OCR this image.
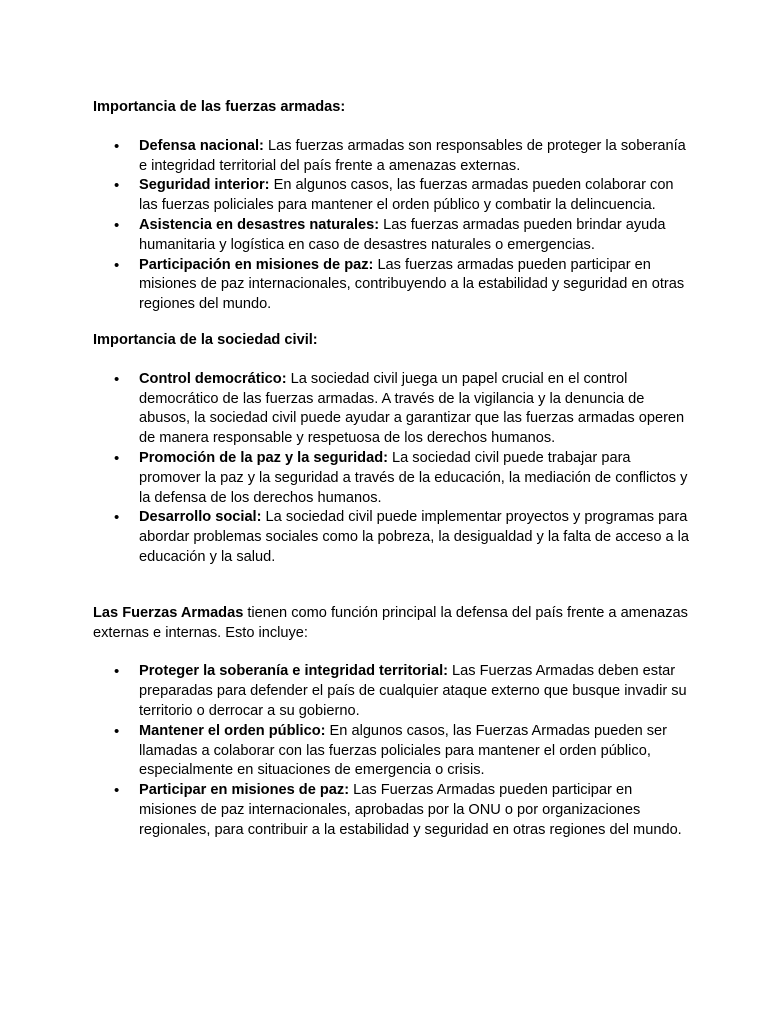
Importancia de las fuerzas armadas:

• Defensa nacional: Las fuerzas armadas son responsables de proteger la soberanía e integridad territorial del país frente a amenazas externas.
• Seguridad interior: En algunos casos, las fuerzas armadas pueden colaborar con las fuerzas policiales para mantener el orden público y combatir la delincuencia.
• Asistencia en desastres naturales: Las fuerzas armadas pueden brindar ayuda humanitaria y logística en caso de desastres naturales o emergencias.
• Participación en misiones de paz: Las fuerzas armadas pueden participar en misiones de paz internacionales, contribuyendo a la estabilidad y seguridad en otras regiones del mundo.

Importancia de la sociedad civil:

• Control democrático: La sociedad civil juega un papel crucial en el control democrático de las fuerzas armadas. A través de la vigilancia y la denuncia de abusos, la sociedad civil puede ayudar a garantizar que las fuerzas armadas operen de manera responsable y respetuosa de los derechos humanos.
• Promoción de la paz y la seguridad: La sociedad civil puede trabajar para promover la paz y la seguridad a través de la educación, la mediación de conflictos y la defensa de los derechos humanos.
• Desarrollo social: La sociedad civil puede implementar proyectos y programas para abordar problemas sociales como la pobreza, la desigualdad y la falta de acceso a la educación y la salud.

Las Fuerzas Armadas tienen como función principal la defensa del país frente a amenazas externas e internas. Esto incluye:

• Proteger la soberanía e integridad territorial: Las Fuerzas Armadas deben estar preparadas para defender el país de cualquier ataque externo que busque invadir su territorio o derrocar a su gobierno.
• Mantener el orden público: En algunos casos, las Fuerzas Armadas pueden ser llamadas a colaborar con las fuerzas policiales para mantener el orden público, especialmente en situaciones de emergencia o crisis.
• Participar en misiones de paz: Las Fuerzas Armadas pueden participar en misiones de paz internacionales, aprobadas por la ONU o por organizaciones regionales, para contribuir a la estabilidad y seguridad en otras regiones del mundo.
